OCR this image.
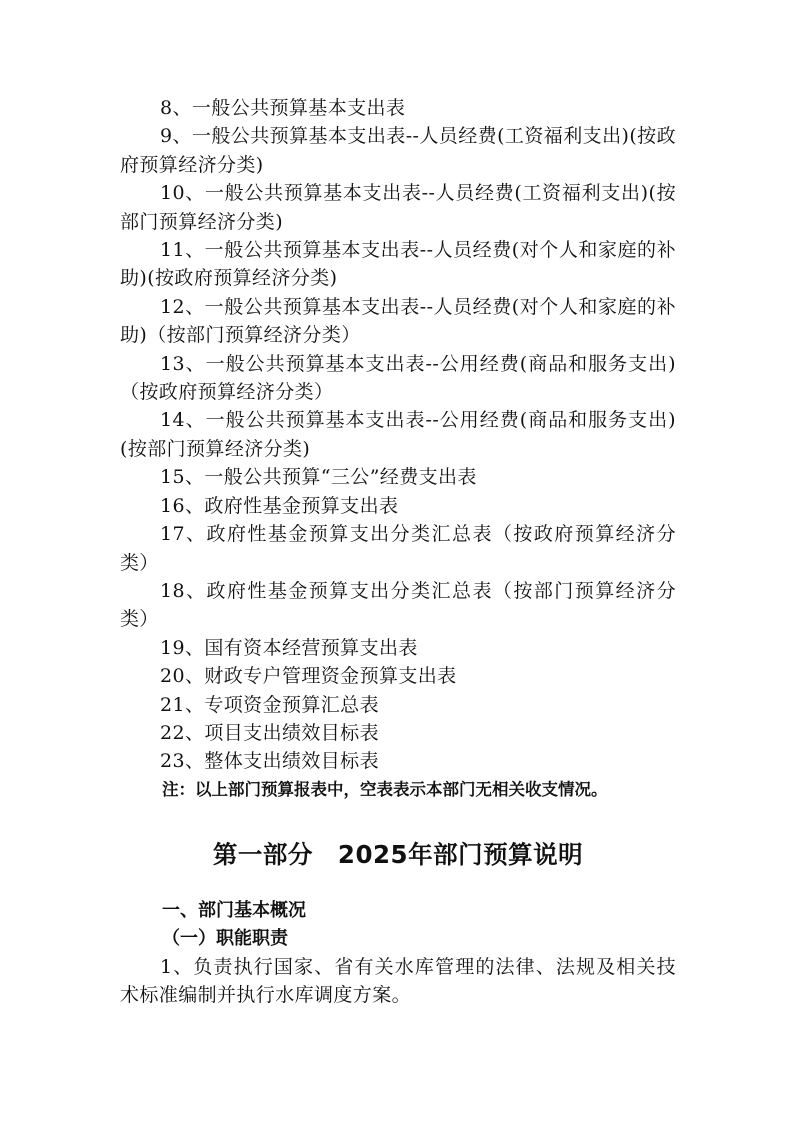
8、一般公共预算基本支出表

9、一般公共预算基本支出表--人员经费(工资福利支出)(按政府预算经济分类)

10、一般公共预算基本支出表--人员经费(工资福利支出)(按部门预算经济分类)

11、一般公共预算基本支出表--人员经费(对个人和家庭的补助)(按政府预算经济分类)

12、一般公共预算基本支出表--人员经费(对个人和家庭的补助)（按部门预算经济分类）

13、一般公共预算基本支出表--公用经费(商品和服务支出)（按政府预算经济分类）

14、一般公共预算基本支出表--公用经费(商品和服务支出)(按部门预算经济分类)

15、一般公共预算“三公”经费支出表

16、政府性基金预算支出表

17、政府性基金预算支出分类汇总表（按政府预算经济分类）

18、政府性基金预算支出分类汇总表（按部门预算经济分类）

19、国有资本经营预算支出表

20、财政专户管理资金预算支出表

21、专项资金预算汇总表

22、项目支出绩效目标表

23、整体支出绩效目标表

注：以上部门预算报表中，空表表示本部门无相关收支情况。

第一部分　2025年部门预算说明

一、部门基本概况

（一）职能职责

1、负责执行国家、省有关水库管理的法律、法规及相关技术标准编制并执行水库调度方案。
